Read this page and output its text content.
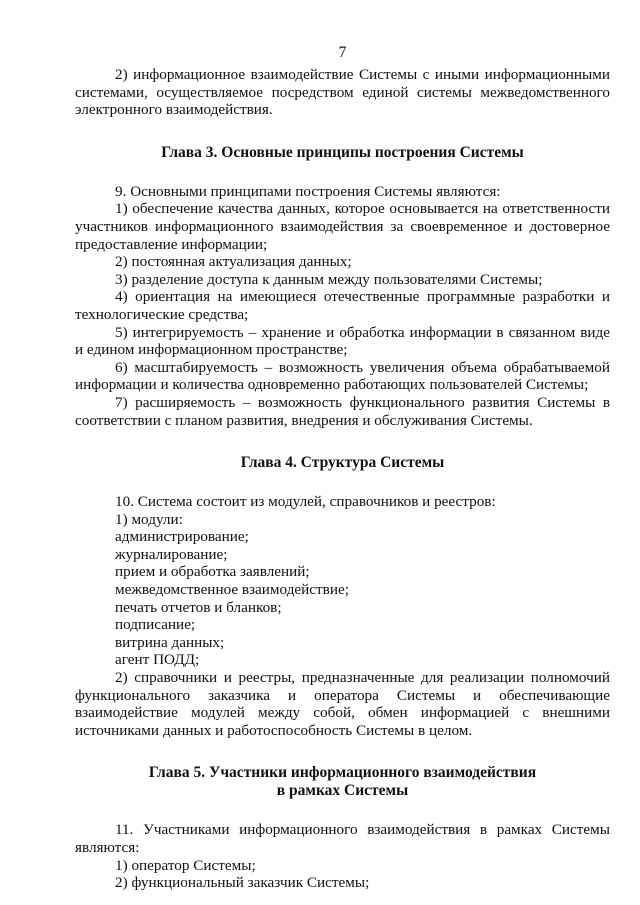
7

2) информационное взаимодействие Системы с иными информационными системами, осуществляемое посредством единой системы межведомственного электронного взаимодействия.

Глава 3. Основные принципы построения Системы

9. Основными принципами построения Системы являются:

1) обеспечение качества данных, которое основывается на ответственности участников информационного взаимодействия за своевременное и достоверное предоставление информации;

2) постоянная актуализация данных;

3) разделение доступа к данным между пользователями Системы;

4) ориентация на имеющиеся отечественные программные разработки и технологические средства;

5) интегрируемость – хранение и обработка информации в связанном виде и едином информационном пространстве;

6) масштабируемость – возможность увеличения объема обрабатываемой информации и количества одновременно работающих пользователей Системы;

7) расширяемость – возможность функционального развития Системы в соответствии с планом развития, внедрения и обслуживания Системы.

Глава 4. Структура Системы

10. Система состоит из модулей, справочников и реестров:

1) модули:

администрирование;

журналирование;

прием и обработка заявлений;

межведомственное взаимодействие;

печать отчетов и бланков;

подписание;

витрина данных;

агент ПОДД;

2) справочники и реестры, предназначенные для реализации полномочий функционального заказчика и оператора Системы и обеспечивающие взаимодействие модулей между собой, обмен информацией с внешними источниками данных и работоспособность Системы в целом.

Глава 5. Участники информационного взаимодействия
в рамках Системы

11. Участниками информационного взаимодействия в рамках Системы являются:

1) оператор Системы;

2) функциональный заказчик Системы;
